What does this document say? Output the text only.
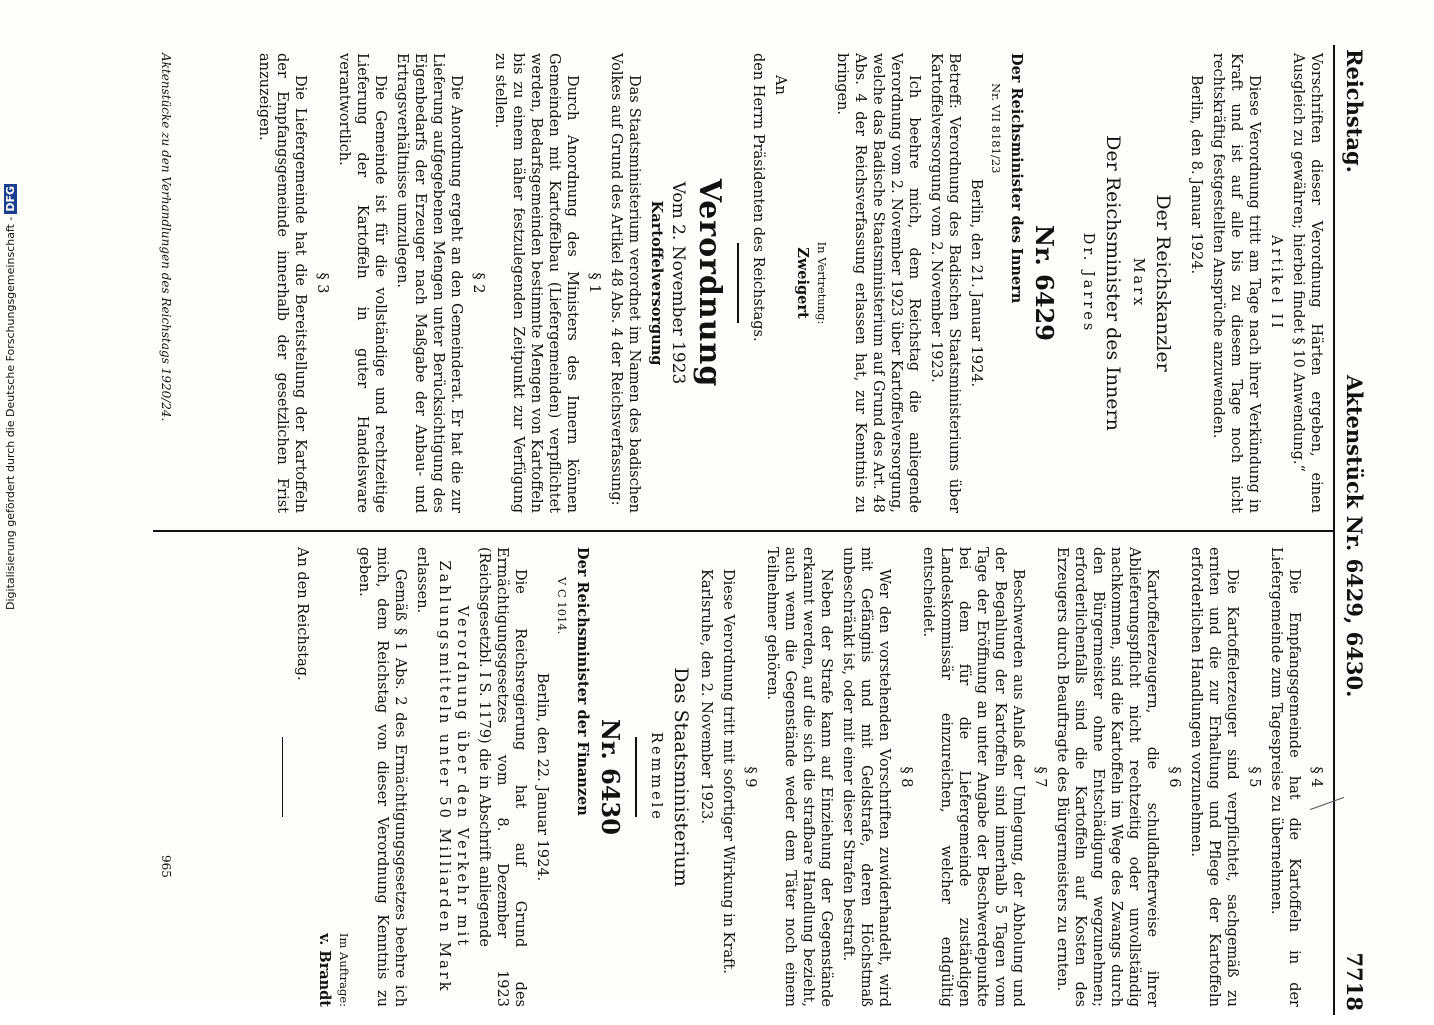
Digitalisierung gefördert durch die Deutsche Forschungsgemeinschaft -DFG
Reichstag.
Aktenstück Nr. 6429, 6430.
7718

Vorschriften dieser Verordnung Härten ergeben, einen Ausgleich zu gewähren; hierbei findet § 10 Anwendung.“

Artikel II

Diese Verordnung tritt am Tage nach ihrer Verkündung in Kraft und ist auf alle bis zu diesem Tage noch nicht rechtskräftig festgestellten Ansprüche anzuwenden.

Berlin, den 8. Januar 1924.

Der Reichskanzler

Marx

Der Reichsminister des Innern

Dr. Jarres

Nr. 6429

Der Reichsminister des Innern

Nr. VII 8181/23

Berlin, den 21. Januar 1924.

Betreff: Verordnung des Badischen Staatsministeriums über Kartoffelversorgung vom 2. November 1923.

Ich beehre mich, dem Reichstag die anliegende Verordnung vom 2. November 1923 über Kartoffelversorgung, welche das Badische Staatsministerium auf Grund des Art. 48 Abs. 4 der Reichsverfassung erlassen hat, zur Kenntnis zu bringen.

In Vertretung:

Zweigert

An

den Herrn Präsidenten des Reichstags.

Verordnung

Vom 2. November 1923

Kartoffelversorgung

Das Staatsministerium verordnet im Namen des badischen Volkes auf Grund des Artikel 48 Abs. 4 der Reichsverfassung:

§ 1

Durch Anordnung des Ministers des Innern können Gemeinden mit Kartoffelbau (Liefergemeinden) verpflichtet werden, Bedarfsgemeinden bestimmte Mengen von Kartoffeln bis zu einem näher festzulegenden Zeitpunkt zur Verfügung zu stellen.

§ 2

Die Anordnung ergeht an den Gemeinderat. Er hat die zur Lieferung aufgegebenen Mengen unter Berücksichtigung des Eigenbedarfs der Erzeuger nach Maßgabe der Anbau- und Ertragsverhältnisse umzulegen.

Die Gemeinde ist für die vollständige und rechtzeitige Lieferung der Kartoffeln in guter Handelsware verantwortlich.

§ 3

Die Liefergemeinde hat die Bereitstellung der Kartoffeln der Empfangsgemeinde innerhalb der gesetzlichen Frist anzuzeigen.

§ 4

Die Empfangsgemeinde hat die Kartoffeln in der Liefergemeinde zum Tagespreise zu übernehmen.

§ 5

Die Kartoffelerzeuger sind verpflichtet, sachgemäß zu ernten und die zur Erhaltung und Pflege der Kartoffeln erforderlichen Handlungen vorzunehmen.

§ 6

Kartoffelerzeugern, die schuldhafterweise ihrer Ablieferungspflicht nicht rechtzeitig oder unvollständig nachkommen, sind die Kartoffeln im Wege des Zwangs durch den Bürgermeister ohne Entschädigung wegzunehmen; erforderlichenfalls sind die Kartoffeln auf Kosten des Erzeugers durch Beauftragte des Bürgermeisters zu ernten.

§ 7

Beschwerden aus Anlaß der Umlegung, der Abholung und der Begahlung der Kartoffeln sind innerhalb 5 Tagen vom Tage der Eröffnung an unter Angabe der Beschwerdepunkte bei dem für die Liefergemeinde zuständigen Landeskommissär einzureichen, welcher endgültig entscheidet.

§ 8

Wer den vorstehenden Vorschriften zuwiderhandelt, wird mit Gefängnis und mit Geldstrafe, deren Höchstmaß unbeschränkt ist, oder mit einer dieser Strafen bestraft.

Neben der Strafe kann auf Einziehung der Gegenstände erkannt werden, auf die sich die strafbare Handlung bezieht, auch wenn die Gegenstände weder dem Täter noch einem Teilnehmer gehören.

§ 9

Diese Verordnung tritt mit sofortiger Wirkung in Kraft.

Karlsruhe, den 2. November 1923.

Das Staatsministerium

Remmele

Nr. 6430

Der Reichsminister der Finanzen

V C 1014.

Berlin, den 22. Januar 1924.

Die Reichsregierung hat auf Grund des Ermächtigungsgesetzes vom 8. Dezember 1923 (Reichsgesetzbl. I S. 1179) die in Abschrift anliegende

Verordnung über den Verkehr mit Zahlungsmitteln unter 50 Milliarden Mark

erlassen.

Gemäß § 1 Abs. 2 des Ermächtigungsgesetzes beehre ich mich, dem Reichstag von dieser Verordnung Kenntnis zu geben.

Im Auftrage:

v. Brandt

An den Reichstag.

Aktenstücke zu den Verhandlungen des Reichstags 1920/24.
965
